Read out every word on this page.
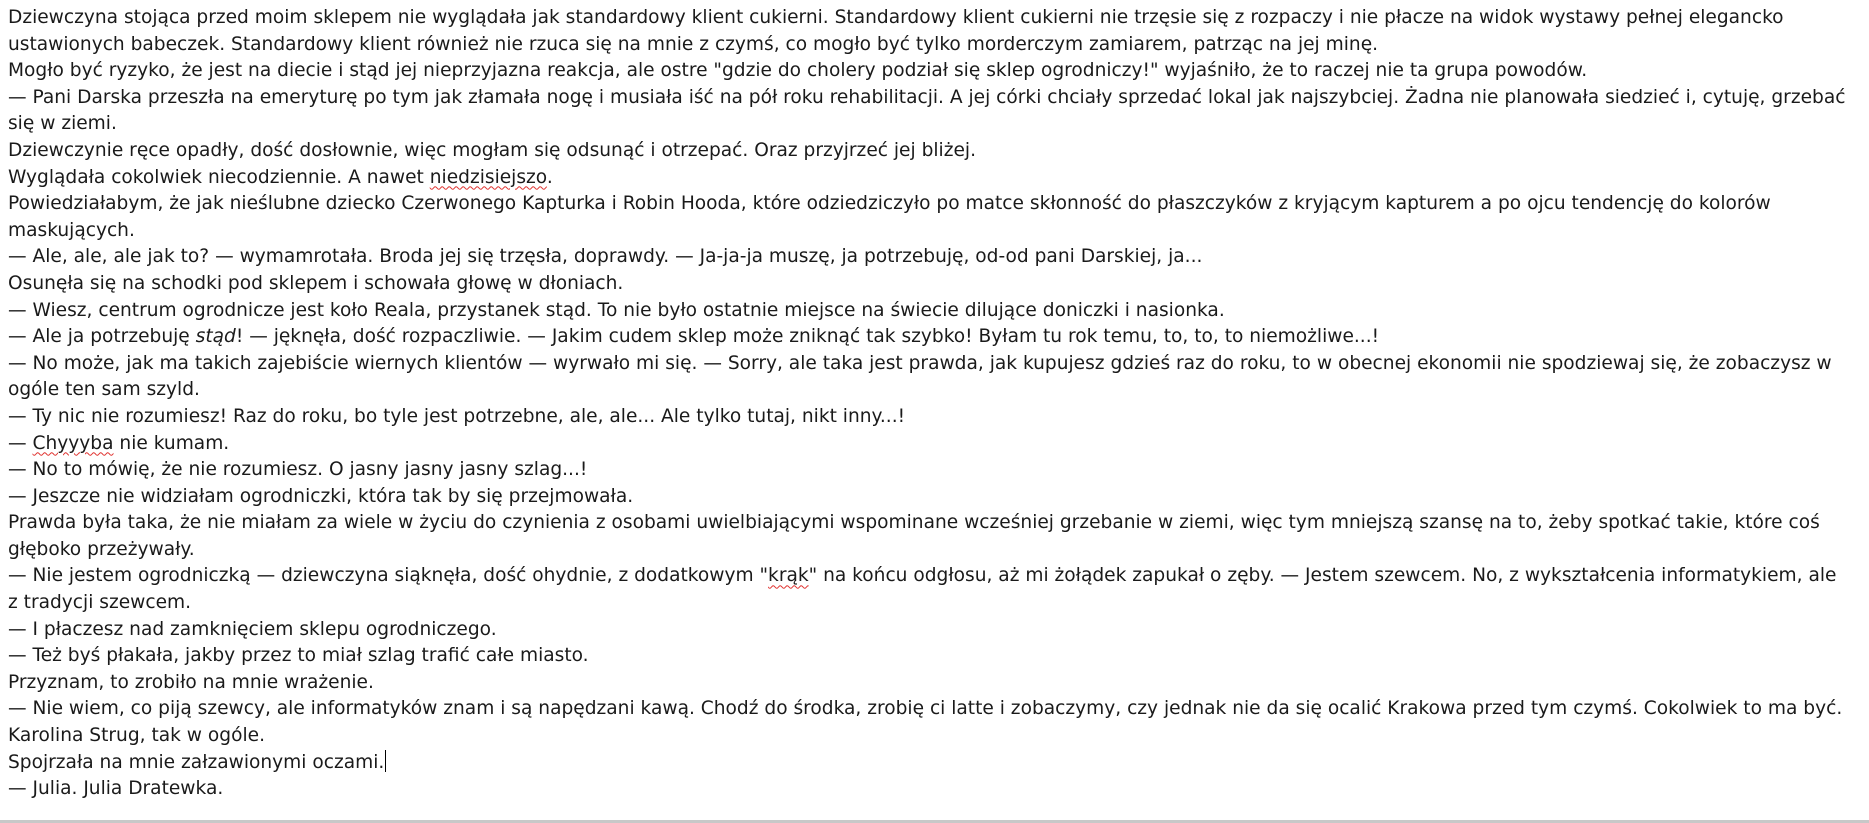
Dziewczyna stojąca przed moim sklepem nie wyglądała jak standardowy klient cukierni. Standardowy klient cukierni nie trzęsie się z rozpaczy i nie płacze na widok wystawy pełnej elegancko ustawionych babeczek. Standardowy klient również nie rzuca się na mnie z czymś, co mogło być tylko morderczym zamiarem, patrząc na jej minę.

Mogło być ryzyko, że jest na diecie i stąd jej nieprzyjazna reakcja, ale ostre "gdzie do cholery podział się sklep ogrodniczy!" wyjaśniło, że to raczej nie ta grupa powodów.

— Pani Darska przeszła na emeryturę po tym jak złamała nogę i musiała iść na pół roku rehabilitacji. A jej córki chciały sprzedać lokal jak najszybciej. Żadna nie planowała siedzieć i, cytuję, grzebać się w ziemi.

Dziewczynie ręce opadły, dość dosłownie, więc mogłam się odsunąć i otrzepać. Oraz przyjrzeć jej bliżej.

Wyglądała cokolwiek niecodziennie. A nawet niedzisiejszo.

Powiedziałabym, że jak nieślubne dziecko Czerwonego Kapturka i Robin Hooda, które odziedziczyło po matce skłonność do płaszczyków z kryjącym kapturem a po ojcu tendencję do kolorów maskujących.

— Ale, ale, ale jak to? — wymamrotała. Broda jej się trzęsła, doprawdy. — Ja-ja-ja muszę, ja potrzebuję, od-od pani Darskiej, ja...

Osunęła się na schodki pod sklepem i schowała głowę w dłoniach.

— Wiesz, centrum ogrodnicze jest koło Reala, przystanek stąd. To nie było ostatnie miejsce na świecie dilujące doniczki i nasionka.

— Ale ja potrzebuję stąd! — jęknęła, dość rozpaczliwie. — Jakim cudem sklep może zniknąć tak szybko! Byłam tu rok temu, to, to, to niemożliwe...!

— No może, jak ma takich zajebiście wiernych klientów — wyrwało mi się. — Sorry, ale taka jest prawda, jak kupujesz gdzieś raz do roku, to w obecnej ekonomii nie spodziewaj się, że zobaczysz w ogóle ten sam szyld.

— Ty nic nie rozumiesz! Raz do roku, bo tyle jest potrzebne, ale, ale... Ale tylko tutaj, nikt inny...!

— Chyyyba nie kumam.

— No to mówię, że nie rozumiesz. O jasny jasny jasny szlag...!

— Jeszcze nie widziałam ogrodniczki, która tak by się przejmowała.

Prawda była taka, że nie miałam za wiele w życiu do czynienia z osobami uwielbiającymi wspominane wcześniej grzebanie w ziemi, więc tym mniejszą szansę na to, żeby spotkać takie, które coś głęboko przeżywały.

— Nie jestem ogrodniczką — dziewczyna siąknęła, dość ohydnie, z dodatkowym "krąk" na końcu odgłosu, aż mi żołądek zapukał o zęby. — Jestem szewcem. No, z wykształcenia informatykiem, ale z tradycji szewcem.

— I płaczesz nad zamknięciem sklepu ogrodniczego.

— Też byś płakała, jakby przez to miał szlag trafić całe miasto.

Przyznam, to zrobiło na mnie wrażenie.

— Nie wiem, co piją szewcy, ale informatyków znam i są napędzani kawą. Chodź do środka, zrobię ci latte i zobaczymy, czy jednak nie da się ocalić Krakowa przed tym czymś. Cokolwiek to ma być. Karolina Strug, tak w ogóle.

Spojrzała na mnie załzawionymi oczami.

— Julia. Julia Dratewka.
